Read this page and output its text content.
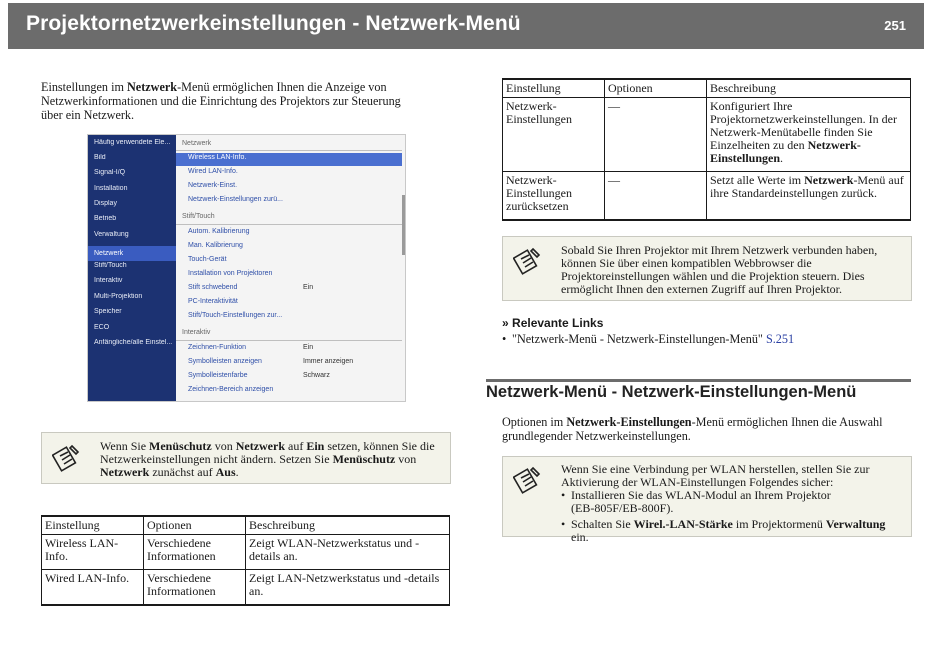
Projektornetzwerkeinstellungen - Netzwerk-Menü	251
Einstellungen im Netzwerk-Menü ermöglichen Ihnen die Anzeige von
Netzwerkinformationen und die Einrichtung des Projektors zur Steuerung
über ein Netzwerk.
Häufig verwendete Ele...
Bild
Signal-I/Q
Installation
Display
Betrieb
Verwaltung
Netzwerk
Stift/Touch
Interaktiv
Multi-Projektion
Speicher
ECO
Anfängliche/alle Einstel...
Netzwerk
Wireless LAN-Info.
Wired LAN-Info.
Netzwerk-Einst.
Netzwerk-Einstellungen zurü...
Stift/Touch
Autom. Kalibrierung
Man. Kalibrierung
Touch-Gerät
Installation von Projektoren
Stift schwebend	Ein
PC-Interaktivität
Stift/Touch-Einstellungen zur...
Interaktiv
Zeichnen-Funktion	Ein
Symbolleisten anzeigen	Immer anzeigen
Symbolleistenfarbe	Schwarz
Zeichnen-Bereich anzeigen
Wenn Sie Menüschutz von Netzwerk auf Ein setzen, können Sie die
Netzwerkeinstellungen nicht ändern. Setzen Sie Menüschutz von
Netzwerk zunächst auf Aus.
Einstellung	Optionen	Beschreibung
Wireless LAN-Info.	Verschiedene Informationen	Zeigt WLAN-Netzwerkstatus und -details an.
Wired LAN-Info.	Verschiedene Informationen	Zeigt LAN-Netzwerkstatus und -details an.
Einstellung	Optionen	Beschreibung
Netzwerk-Einstellungen	—	Konfiguriert Ihre Projektornetzwerkeinstellungen. In der Netzwerk-Menütabelle finden Sie Einzelheiten zu den Netzwerk-Einstellungen.
Netzwerk-Einstellungen zurücksetzen	—	Setzt alle Werte im Netzwerk-Menü auf ihre Standardeinstellungen zurück.
Sobald Sie Ihren Projektor mit Ihrem Netzwerk verbunden haben,
können Sie über einen kompatiblen Webbrowser die
Projektoreinstellungen wählen und die Projektion steuern. Dies
ermöglicht Ihnen den externen Zugriff auf Ihren Projektor.
» Relevante Links
• "Netzwerk-Menü - Netzwerk-Einstellungen-Menü" S.251
Netzwerk-Menü - Netzwerk-Einstellungen-Menü
Optionen im Netzwerk-Einstellungen-Menü ermöglichen Ihnen die Auswahl
grundlegender Netzwerkeinstellungen.
Wenn Sie eine Verbindung per WLAN herstellen, stellen Sie zur
Aktivierung der WLAN-Einstellungen Folgendes sicher:
• Installieren Sie das WLAN-Modul an Ihrem Projektor
(EB-805F/EB-800F).
• Schalten Sie Wirel.-LAN-Stärke im Projektormenü Verwaltung ein.
